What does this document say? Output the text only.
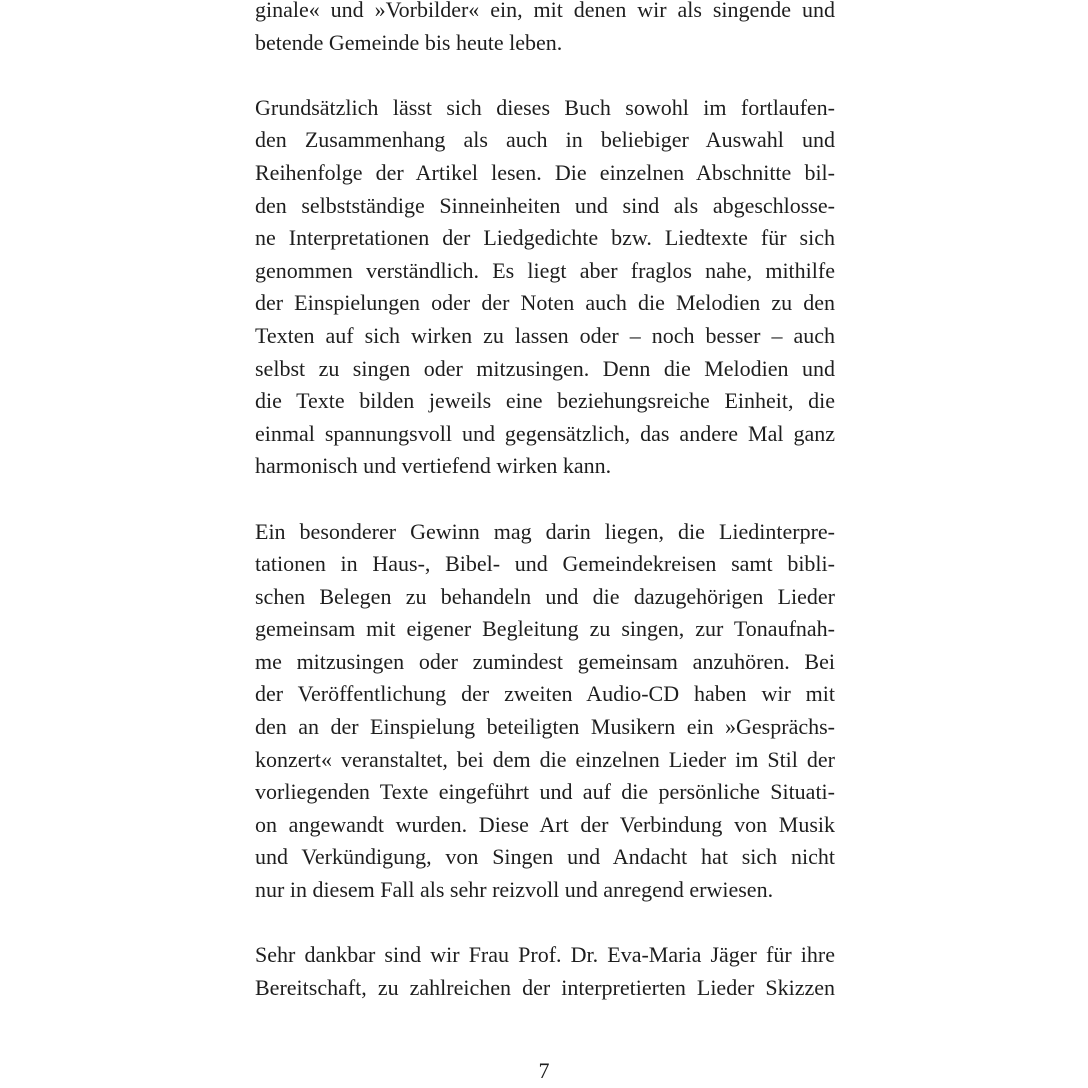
ginale« und »Vorbilder« ein, mit denen wir als singende und
betende Gemeinde bis heute leben.
Grundsätzlich lässt sich dieses Buch sowohl im fortlaufen-
den Zusammenhang als auch in beliebiger Auswahl und
Reihenfolge der Artikel lesen. Die einzelnen Abschnitte bil-
den selbstständige Sinneinheiten und sind als abgeschlosse-
ne Interpretationen der Liedgedichte bzw. Liedtexte für sich
genommen verständlich. Es liegt aber fraglos nahe, mithilfe
der Einspielungen oder der Noten auch die Melodien zu den
Texten auf sich wirken zu lassen oder – noch besser – auch
selbst zu singen oder mitzusingen. Denn die Melodien und
die Texte bilden jeweils eine beziehungsreiche Einheit, die
einmal spannungsvoll und gegensätzlich, das andere Mal ganz
harmonisch und vertiefend wirken kann.
Ein besonderer Gewinn mag darin liegen, die Liedinterpre-
tationen in Haus-, Bibel- und Gemeindekreisen samt bibli-
schen Belegen zu behandeln und die dazugehörigen Lieder
gemeinsam mit eigener Begleitung zu singen, zur Tonaufnah-
me mitzusingen oder zumindest gemeinsam anzuhören. Bei
der Veröffentlichung der zweiten Audio-CD haben wir mit
den an der Einspielung beteiligten Musikern ein »Gesprächs-
konzert« veranstaltet, bei dem die einzelnen Lieder im Stil der
vorliegenden Texte eingeführt und auf die persönliche Situati-
on angewandt wurden. Diese Art der Verbindung von Musik
und Verkündigung, von Singen und Andacht hat sich nicht
nur in diesem Fall als sehr reizvoll und anregend erwiesen.
Sehr dankbar sind wir Frau Prof. Dr. Eva-Maria Jäger für ihre
Bereitschaft, zu zahlreichen der interpretierten Lieder Skizzen
7
